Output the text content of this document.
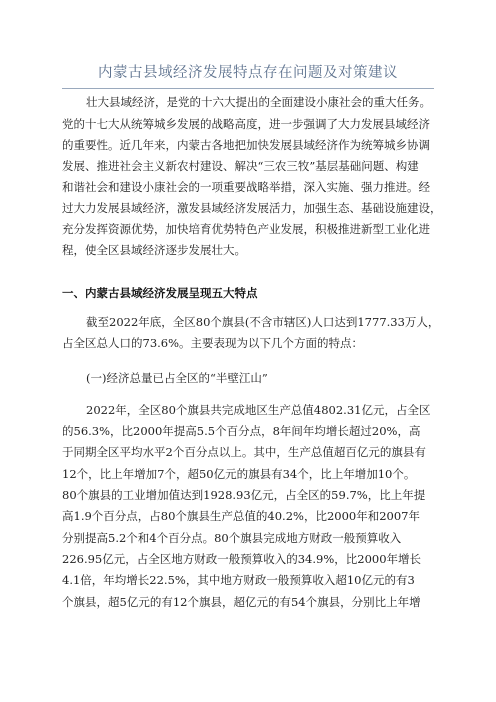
内蒙古县域经济发展特点存在问题及对策建议
壮大县域经济，是党的十六大提出的全面建设小康社会的重大任务。
党的十七大从统筹城乡发展的战略高度，进一步强调了大力发展县域经济
的重要性。近几年来，内蒙古各地把加快发展县域经济作为统筹城乡协调
发展、推进社会主义新农村建设、解决“三农三牧”基层基础问题、构建
和谐社会和建设小康社会的一项重要战略举措，深入实施、强力推进。经
过大力发展县域经济，激发县域经济发展活力，加强生态、基础设施建设，
充分发挥资源优势，加快培育优势特色产业发展，积极推进新型工业化进
程，使全区县域经济逐步发展壮大。
一、内蒙古县域经济发展呈现五大特点
截至2022年底，全区80个旗县(不含市辖区)人口达到1777.33万人，
占全区总人口的73.6%。主要表现为以下几个方面的特点：
(一)经济总量已占全区的“半壁江山”
2022年，全区80个旗县共完成地区生产总值4802.31亿元，占全区
的56.3%，比2000年提高5.5个百分点，8年间年均增长超过20%，高
于同期全区平均水平2个百分点以上。其中，生产总值超百亿元的旗县有
12个，比上年增加7个，超50亿元的旗县有34个，比上年增加10个。
80个旗县的工业增加值达到1928.93亿元，占全区的59.7%，比上年提
高1.9个百分点，占80个旗县生产总值的40.2%，比2000年和2007年
分别提高5.2个和4个百分点。80个旗县完成地方财政一般预算收入
226.95亿元，占全区地方财政一般预算收入的34.9%，比2000年增长
4.1倍，年均增长22.5%，其中地方财政一般预算收入超10亿元的有3
个旗县，超5亿元的有12个旗县，超亿元的有54个旗县，分别比上年增
